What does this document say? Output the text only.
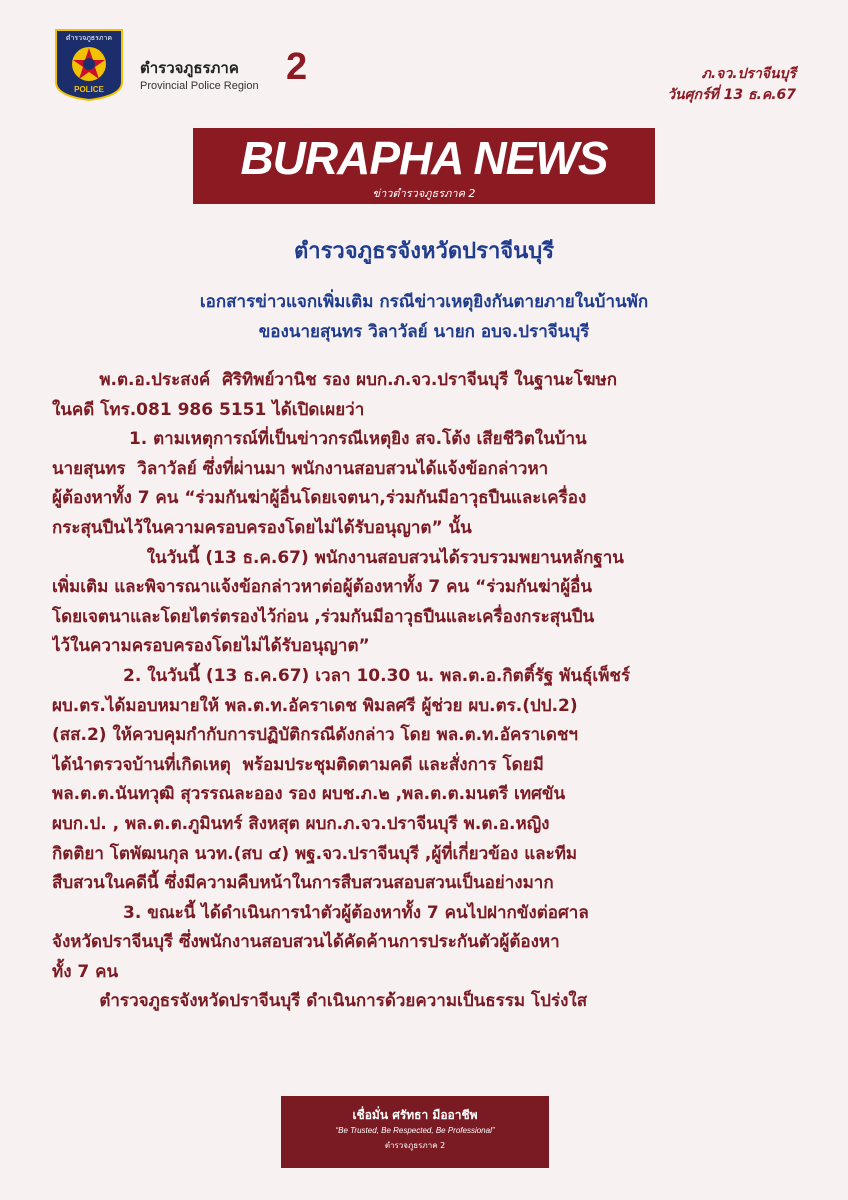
ตำรวจภูธรภาค
POLICE
ตำรวจภูธรภาค
Provincial Police Region 2	ภ.จว.ปราจีนบุรี
วันศุกร์ที่ 13 ธ.ค.67
BURAPHA NEWS
ข่าวตำรวจภูธรภาค 2
ตำรวจภูธรจังหวัดปราจีนบุรี
เอกสารข่าวแจกเพิ่มเติม กรณีข่าวเหตุยิงกันตายภายในบ้านพัก
ของนายสุนทร วิลาวัลย์ นายก อบจ.ปราจีนบุรี

พ.ต.อ.ประสงค์  ศิริทิพย์วานิช รอง ผบก.ภ.จว.ปราจีนบุรี ในฐานะโฆษก

ในคดี โทร.081 986 5151 ได้เปิดเผยว่า

1. ตามเหตุการณ์ที่เป็นข่าวกรณีเหตุยิง สจ.โต้ง เสียชีวิตในบ้าน

นายสุนทร  วิลาวัลย์ ซึ่งที่ผ่านมา พนักงานสอบสวนได้แจ้งข้อกล่าวหา

ผู้ต้องหาทั้ง 7 คน “ร่วมกันฆ่าผู้อื่นโดยเจตนา,ร่วมกันมีอาวุธปืนและเครื่อง

กระสุนปืนไว้ในความครอบครองโดยไม่ได้รับอนุญาต” นั้น

ในวันนี้ (13 ธ.ค.67) พนักงานสอบสวนได้รวบรวมพยานหลักฐาน

เพิ่มเติม และพิจารณาแจ้งข้อกล่าวหาต่อผู้ต้องหาทั้ง 7 คน “ร่วมกันฆ่าผู้อื่น

โดยเจตนาและโดยไตร่ตรองไว้ก่อน ,ร่วมกันมีอาวุธปืนและเครื่องกระสุนปืน

ไว้ในความครอบครองโดยไม่ได้รับอนุญาต”

2. ในวันนี้ (13 ธ.ค.67) เวลา 10.30 น. พล.ต.อ.กิตติ์รัฐ พันธุ์เพ็ชร์

ผบ.ตร.ได้มอบหมายให้ พล.ต.ท.อัคราเดช พิมลศรี ผู้ช่วย ผบ.ตร.(ปป.2)

(สส.2) ให้ควบคุมกำกับการปฏิบัติกรณีดังกล่าว โดย พล.ต.ท.อัคราเดชฯ

ได้นำตรวจบ้านที่เกิดเหตุ  พร้อมประชุมติดตามคดี และสั่งการ โดยมี

พล.ต.ต.นันทวุฒิ สุวรรณละออง รอง ผบช.ภ.๒ ,พล.ต.ต.มนตรี เทศขัน

ผบก.ป. , พล.ต.ต.ภูมินทร์ สิงหสุต ผบก.ภ.จว.ปราจีนบุรี พ.ต.อ.หญิง

กิตติยา โตพัฒนกุล นวท.(สบ ๔) พฐ.จว.ปราจีนบุรี ,ผู้ที่เกี่ยวข้อง และทีม

สืบสวนในคดีนี้ ซึ่งมีความคืบหน้าในการสืบสวนสอบสวนเป็นอย่างมาก

3. ขณะนี้ ได้ดำเนินการนำตัวผู้ต้องหาทั้ง 7 คนไปฝากขังต่อศาล

จังหวัดปราจีนบุรี ซึ่งพนักงานสอบสวนได้คัดค้านการประกันตัวผู้ต้องหา

ทั้ง 7 คน

ตำรวจภูธรจังหวัดปราจีนบุรี ดำเนินการด้วยความเป็นธรรม โปร่งใส

เชื่อมั่น ศรัทธา มืออาชีพ
“Be Trusted, Be Respected, Be Professional”
ตำรวจภูธรภาค 2
